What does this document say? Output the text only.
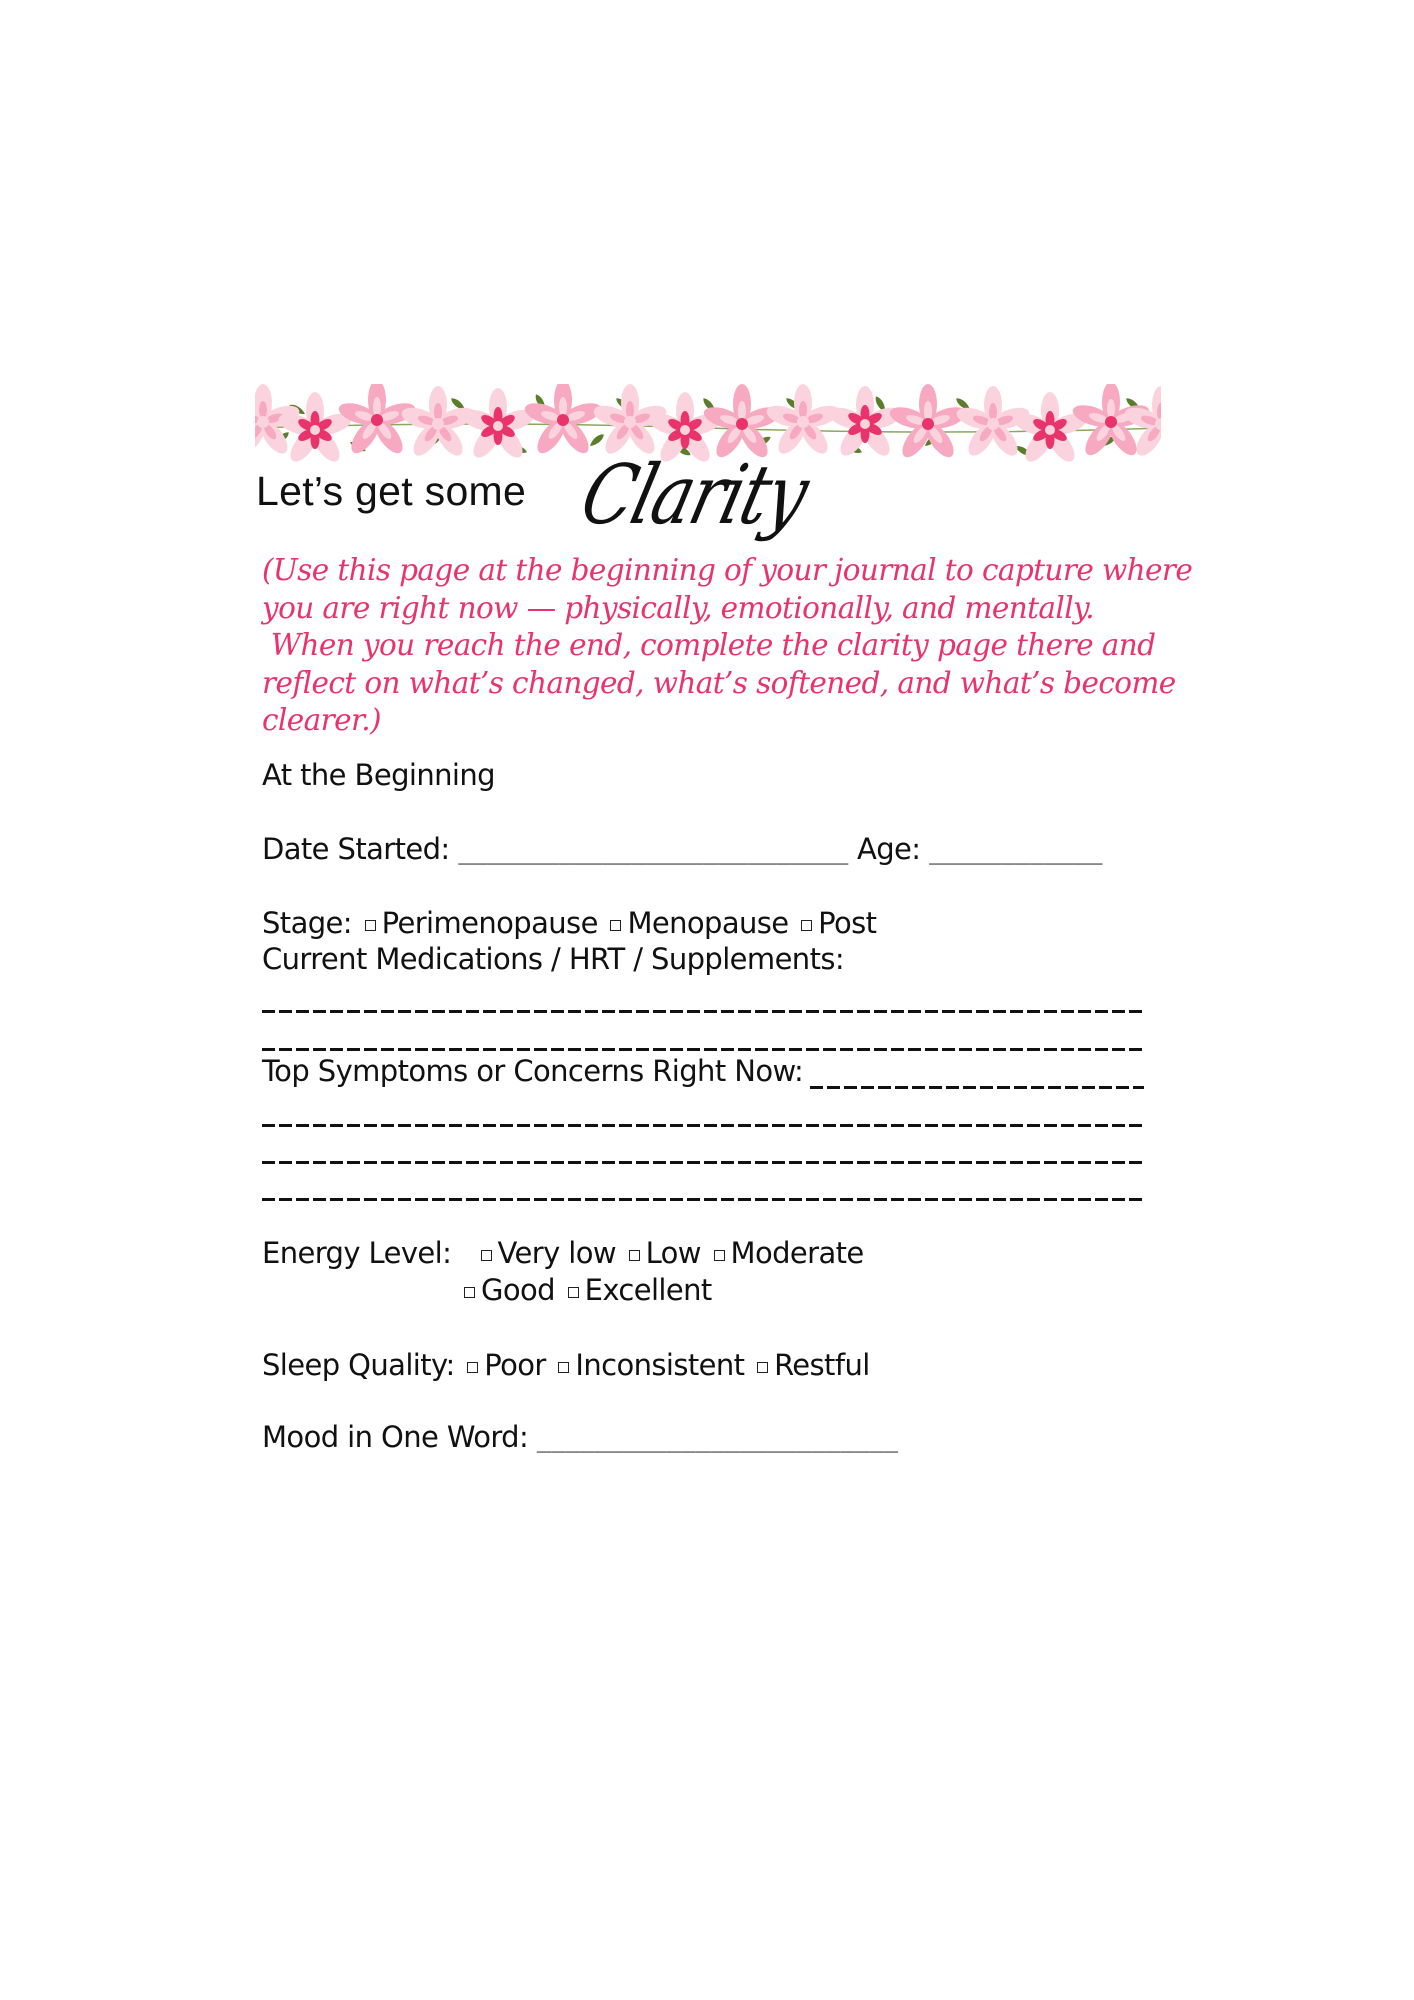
Let’s get some Clarity

(Use this page at the beginning of your journal to capture where

you are right now — physically, emotionally, and mentally.

When you reach the end, complete the clarity page there and

reflect on what’s changed, what’s softened, and what’s become

clearer.)

At the Beginning
Date Started: ___________________________ Age: ____________
Stage: Perimenopause Menopause Post
Current Medications / HRT / Supplements:
Top Symptoms or Concerns Right Now:
Energy Level: Very low Low Moderate
Good Excellent
Sleep Quality: Poor Inconsistent Restful
Mood in One Word: _________________________
